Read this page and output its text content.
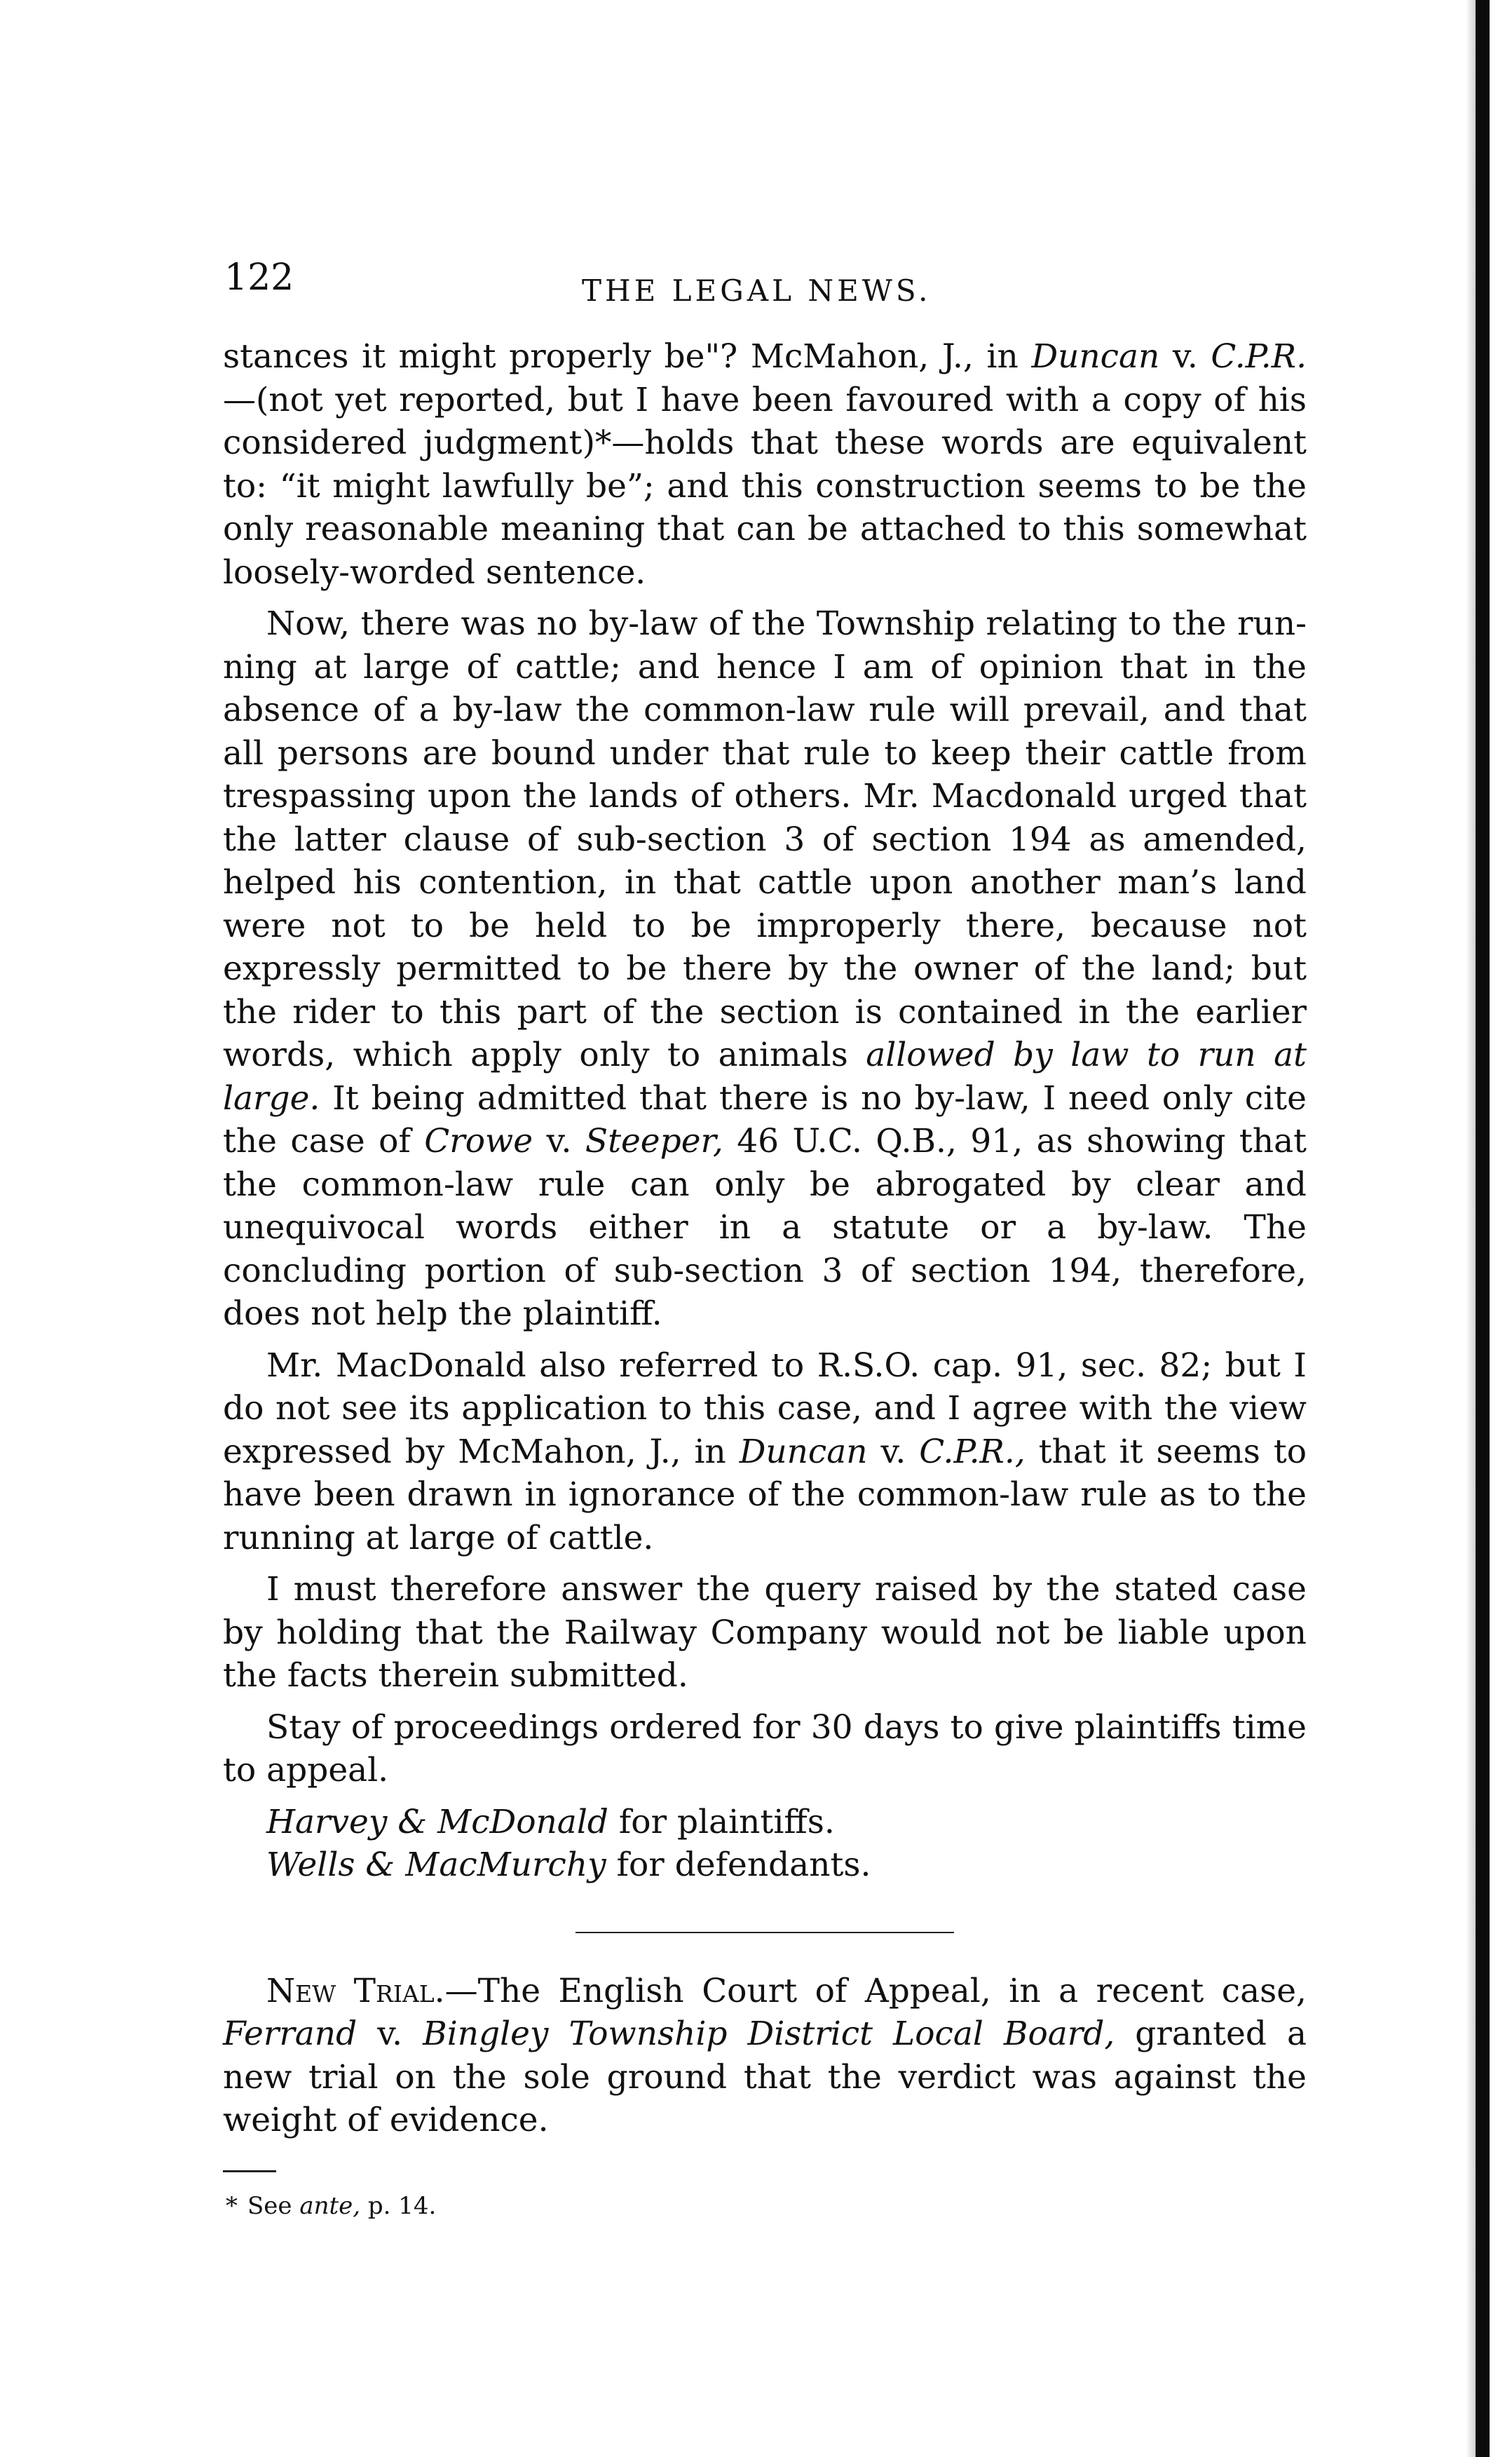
122	THE LEGAL NEWS.

stances it might properly be"? McMahon, J., in Duncan v. C.P.R. —(not yet reported, but I have been favoured with a copy of his considered judgment)*—holds that these words are equivalent to: “it might lawfully be”; and this construction seems to be the only reasonable meaning that can be attached to this somewhat loosely-worded sentence.

Now, there was no by-law of the Township relating to the running at large of cattle; and hence I am of opinion that in the absence of a by-law the common-law rule will prevail, and that all persons are bound under that rule to keep their cattle from trespassing upon the lands of others. Mr. Macdonald urged that the latter clause of sub-section 3 of section 194 as amended, helped his contention, in that cattle upon another man’s land were not to be held to be improperly there, because not expressly permitted to be there by the owner of the land; but the rider to this part of the section is contained in the earlier words, which apply only to animals allowed by law to run at large. It being admitted that there is no by-law, I need only cite the case of Crowe v. Steeper, 46 U.C. Q.B., 91, as showing that the common-law rule can only be abrogated by clear and unequivocal words either in a statute or a by-law. The concluding portion of sub-section 3 of section 194, therefore, does not help the plaintiff.

Mr. MacDonald also referred to R.S.O. cap. 91, sec. 82; but I do not see its application to this case, and I agree with the view expressed by McMahon, J., in Duncan v. C.P.R., that it seems to have been drawn in ignorance of the common-law rule as to the running at large of cattle.

I must therefore answer the query raised by the stated case by holding that the Railway Company would not be liable upon the facts therein submitted.

Stay of proceedings ordered for 30 days to give plaintiffs time to appeal.

Harvey & McDonald for plaintiffs.

Wells & MacMurchy for defendants.

New Trial.—The English Court of Appeal, in a recent case, Ferrand v. Bingley Township District Local Board, granted a new trial on the sole ground that the verdict was against the weight of evidence.

* See ante, p. 14.
